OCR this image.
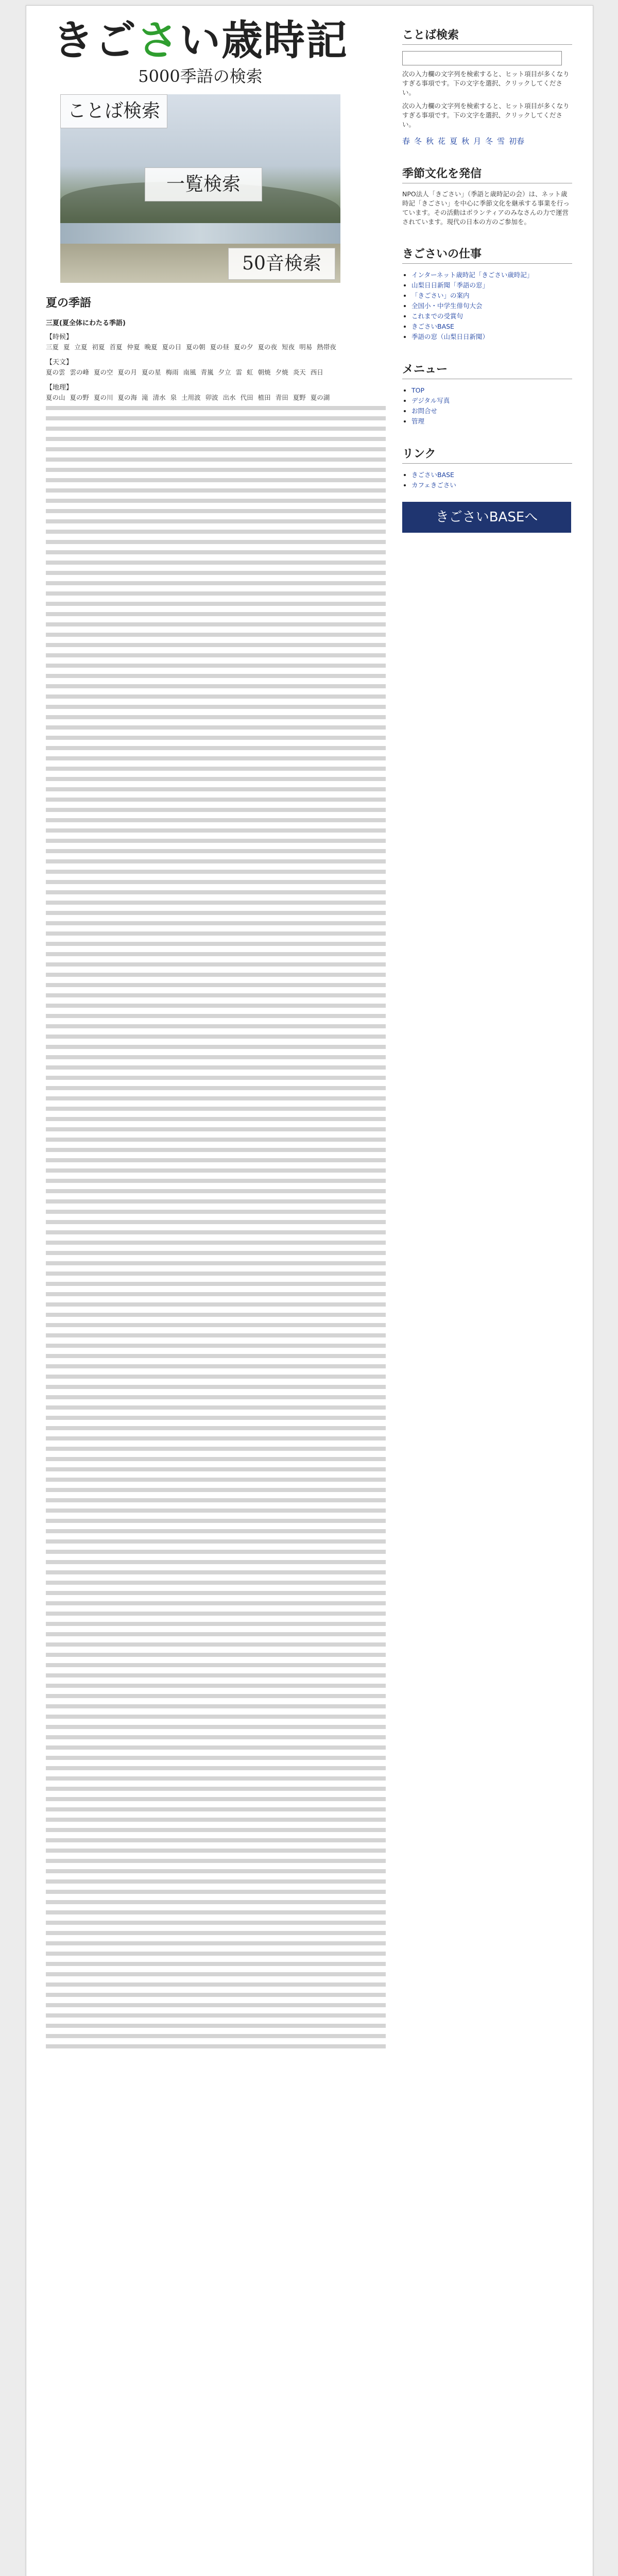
きごさい歳時記

5000季語の検索

ことば検索
一覧検索
50音検索
夏の季語
三夏(夏全体にわたる季語)
【時候】

三夏 夏 立夏 初夏 首夏 仲夏 晩夏 夏の日 夏の朝 夏の昼 夏の夕 夏の夜 短夜 明易 熱帯夜

【天文】

夏の雲 雲の峰 夏の空 夏の月 夏の星 梅雨 南風 青嵐 夕立 雷 虹 朝焼 夕焼 炎天 西日

【地理】

夏の山 夏の野 夏の川 夏の海 滝 清水 泉 土用波 卯波 出水 代田 植田 青田 夏野 夏の湖

ことば検索

次の入力欄の文字列を検索すると、ヒット項目が多くなりすぎる事項です。下の文字を選択、クリックしてください。

次の入力欄の文字列を検索すると、ヒット項目が多くなりすぎる事項です。下の文字を選択、クリックしてください。

春 冬 秋 花 夏 秋 月 冬 雪 初春
季節文化を発信

NPO法人「きごさい」（季語と歳時記の会）は、ネット歳時記「きごさい」を中心に季節文化を継承する事業を行っています。その活動はボランティアのみなさんの力で運営されています。現代の日本の方のご参加を。

きごさいの仕事
• インターネット歳時記「きごさい歳時記」
• 山梨日日新聞「季語の窓」
• 「きごさい」の案内
• 全国小・中学生俳句大会
• これまでの受賞句
• きごさいBASE
• 季語の窓（山梨日日新聞）
メニュー
• TOP
• デジタル写真
• お問合せ
• 管理
リンク
• きごさいBASE
• カフェきごさい
きごさいBASEへ
